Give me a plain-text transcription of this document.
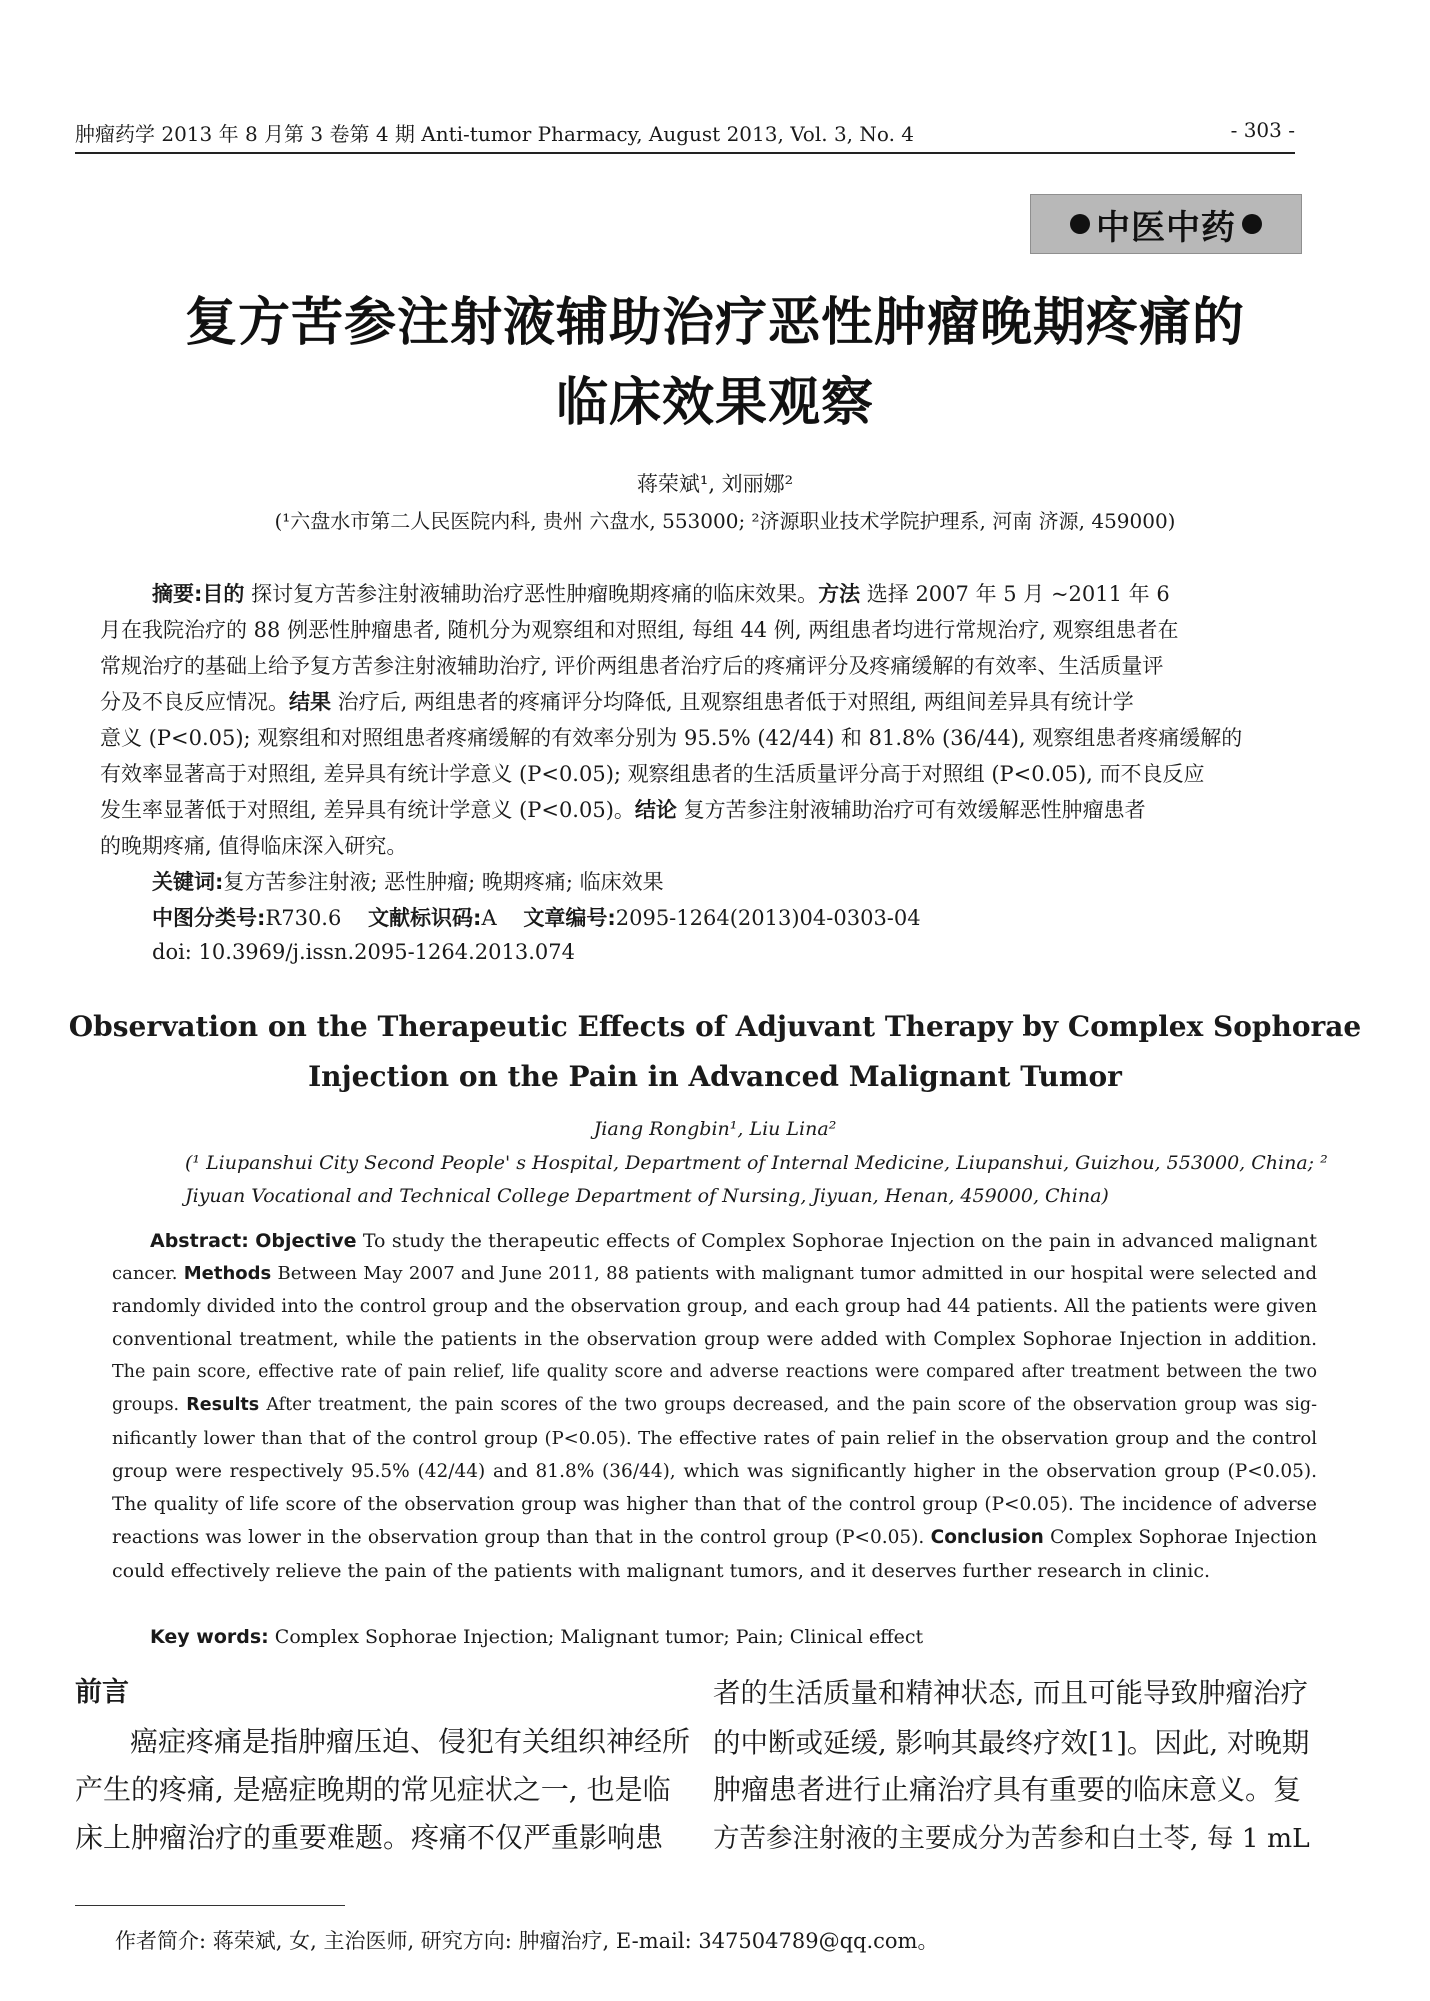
肿瘤药学 2013 年 8 月第 3 卷第 4 期 Anti-tumor Pharmacy, August 2013, Vol. 3, No. 4	- 303 -
中医中药
复方苦参注射液辅助治疗恶性肿瘤晚期疼痛的
临床效果观察
蒋荣斌¹, 刘丽娜²
(¹六盘水市第二人民医院内科, 贵州 六盘水, 553000; ²济源职业技术学院护理系, 河南 济源, 459000)
摘要:目的 探讨复方苦参注射液辅助治疗恶性肿瘤晚期疼痛的临床效果。方法 选择 2007 年 5 月 ~2011 年 6
月在我院治疗的 88 例恶性肿瘤患者, 随机分为观察组和对照组, 每组 44 例, 两组患者均进行常规治疗, 观察组患者在
常规治疗的基础上给予复方苦参注射液辅助治疗, 评价两组患者治疗后的疼痛评分及疼痛缓解的有效率、生活质量评
分及不良反应情况。结果 治疗后, 两组患者的疼痛评分均降低, 且观察组患者低于对照组, 两组间差异具有统计学
意义 (P<0.05); 观察组和对照组患者疼痛缓解的有效率分别为 95.5% (42/44) 和 81.8% (36/44), 观察组患者疼痛缓解的
有效率显著高于对照组, 差异具有统计学意义 (P<0.05); 观察组患者的生活质量评分高于对照组 (P<0.05), 而不良反应
发生率显著低于对照组, 差异具有统计学意义 (P<0.05)。结论 复方苦参注射液辅助治疗可有效缓解恶性肿瘤患者
的晚期疼痛, 值得临床深入研究。
关键词:复方苦参注射液; 恶性肿瘤; 晚期疼痛; 临床效果
中图分类号:R730.6 文献标识码:A 文章编号:2095-1264(2013)04-0303-04
doi: 10.3969/j.issn.2095-1264.2013.074
Observation on the Therapeutic Effects of Adjuvant Therapy by Complex Sophorae
Injection on the Pain in Advanced Malignant Tumor
Jiang Rongbin¹, Liu Lina²
(¹ Liupanshui City Second People' s Hospital, Department of Internal Medicine, Liupanshui, Guizhou, 553000, China; ²
Jiyuan Vocational and Technical College Department of Nursing, Jiyuan, Henan, 459000, China)
Abstract: Objective To study the therapeutic effects of Complex Sophorae Injection on the pain in advanced malignant
cancer. Methods Between May 2007 and June 2011, 88 patients with malignant tumor admitted in our hospital were selected and
randomly divided into the control group and the observation group, and each group had 44 patients. All the patients were given
conventional treatment, while the patients in the observation group were added with Complex Sophorae Injection in addition.
The pain score, effective rate of pain relief, life quality score and adverse reactions were compared after treatment between the two
groups. Results After treatment, the pain scores of the two groups decreased, and the pain score of the observation group was sig-
nificantly lower than that of the control group (P<0.05). The effective rates of pain relief in the observation group and the control
group were respectively 95.5% (42/44) and 81.8% (36/44), which was significantly higher in the observation group (P<0.05).
The quality of life score of the observation group was higher than that of the control group (P<0.05). The incidence of adverse
reactions was lower in the observation group than that in the control group (P<0.05). Conclusion Complex Sophorae Injection
could effectively relieve the pain of the patients with malignant tumors, and it deserves further research in clinic.
Key words: Complex Sophorae Injection; Malignant tumor; Pain; Clinical effect
前言
癌症疼痛是指肿瘤压迫、侵犯有关组织神经所
产生的疼痛, 是癌症晚期的常见症状之一, 也是临
床上肿瘤治疗的重要难题。疼痛不仅严重影响患
者的生活质量和精神状态, 而且可能导致肿瘤治疗
的中断或延缓, 影响其最终疗效[1]。因此, 对晚期
肿瘤患者进行止痛治疗具有重要的临床意义。复
方苦参注射液的主要成分为苦参和白土苓, 每 1 mL
作者简介: 蒋荣斌, 女, 主治医师, 研究方向: 肿瘤治疗, E-mail: 347504789@qq.com。
